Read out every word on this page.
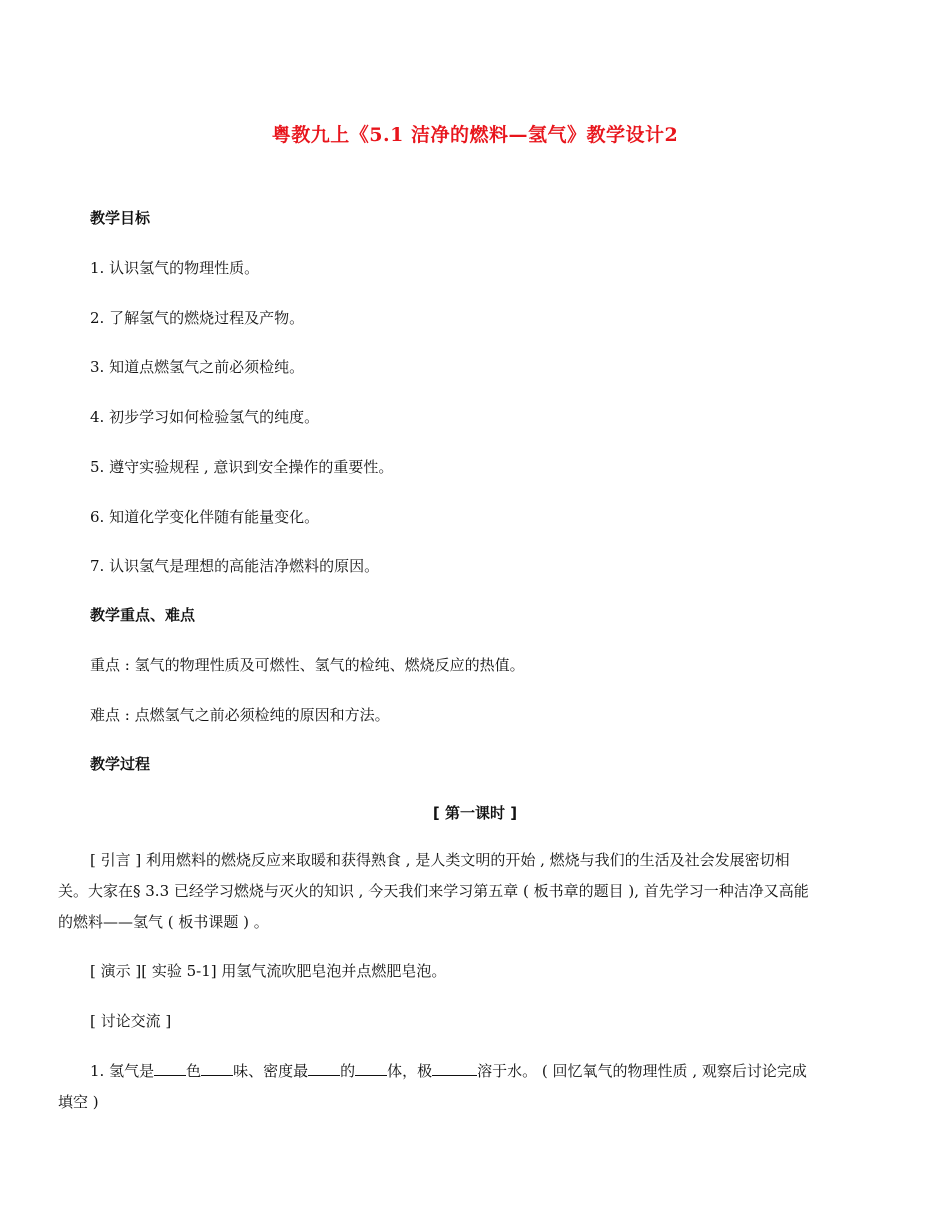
粤教九上《5.1 洁净的燃料—氢气》教学设计2
教学目标
1. 认识氢气的物理性质。
2. 了解氢气的燃烧过程及产物。
3. 知道点燃氢气之前必须检纯。
4. 初步学习如何检验氢气的纯度。
5. 遵守实验规程 , 意识到安全操作的重要性。
6. 知道化学变化伴随有能量变化。
7. 认识氢气是理想的高能洁净燃料的原因。
教学重点、难点
重点 : 氢气的物理性质及可燃性、氢气的检纯、燃烧反应的热值。
难点 : 点燃氢气之前必须检纯的原因和方法。
教学过程
[ 第一课时 ]
[ 引言 ] 利用燃料的燃烧反应来取暖和获得熟食 , 是人类文明的开始 , 燃烧与我们的生活及社会发展密切相关。大家在§ 3.3 已经学习燃烧与灭火的知识 , 今天我们来学习第五章 ( 板书章的题目 ), 首先学习一种洁净又高能的燃料——氢气 ( 板书课题 ) 。
[ 演示 ][ 实验 5-1] 用氢气流吹肥皂泡并点燃肥皂泡。
[ 讨论交流 ]
1. 氢气是 色 味、密度最 的 体，极	溶于水。 ( 回忆氧气的物理性质 , 观察后讨论完成填空 )
